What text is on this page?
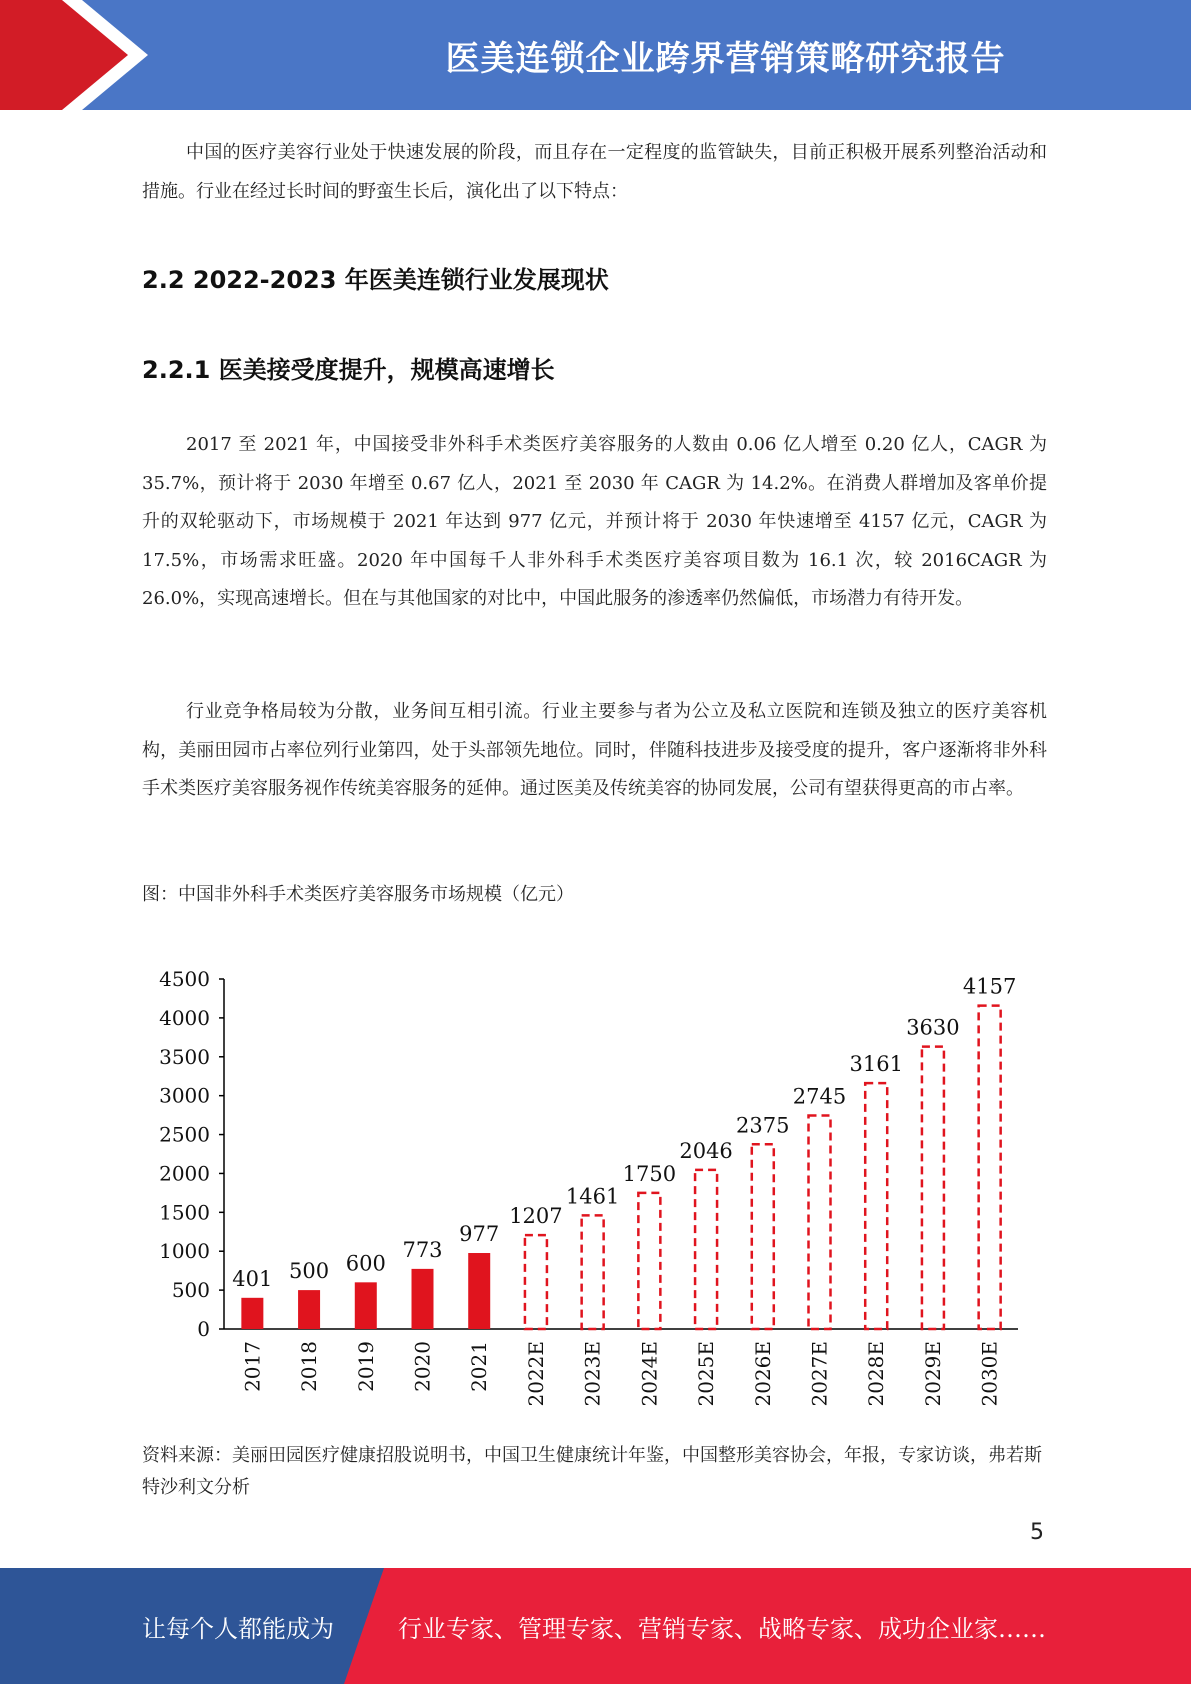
医美连锁企业跨界营销策略研究报告

中国的医疗美容行业处于快速发展的阶段，而且存在一定程度的监管缺失，目前正积极开展系列整治活动和措施。行业在经过长时间的野蛮生长后，演化出了以下特点：

2.2 2022-2023 年医美连锁行业发展现状
2.2.1 医美接受度提升，规模高速增长

2017 至 2021 年，中国接受非外科手术类医疗美容服务的人数由 0.06 亿人增至 0.20 亿人，CAGR 为 35.7%，预计将于 2030 年增至 0.67 亿人，2021 至 2030 年 CAGR 为 14.2%。在消费人群增加及客单价提升的双轮驱动下，市场规模于 2021 年达到 977 亿元，并预计将于 2030 年快速增至 4157 亿元，CAGR 为 17.5%，市场需求旺盛。2020 年中国每千人非外科手术类医疗美容项目数为 16.1 次，较 2016CAGR 为 26.0%，实现高速增长。但在与其他国家的对比中，中国此服务的渗透率仍然偏低，市场潜力有待开发。

行业竞争格局较为分散，业务间互相引流。行业主要参与者为公立及私立医院和连锁及独立的医疗美容机构，美丽田园市占率位列行业第四，处于头部领先地位。同时，伴随科技进步及接受度的提升，客户逐渐将非外科手术类医疗美容服务视作传统美容服务的延伸。通过医美及传统美容的协同发展，公司有望获得更高的市占率。

图：中国非外科手术类医疗美容服务市场规模（亿元）
0
500
1000
1500
2000
2500
3000
3500
4000
4500
401
2017
500
2018
600
2019
773
2020
977
2021
1207
2022E
1461
2023E
1750
2024E
2046
2025E
2375
2026E
2745
2027E
3161
2028E
3630
2029E
4157
2030E
资料来源：美丽田园医疗健康招股说明书，中国卫生健康统计年鉴，中国整形美容协会，年报，专家访谈，弗若斯特沙利文分析
5
让每个人都能成为	行业专家、管理专家、营销专家、战略专家、成功企业家……
